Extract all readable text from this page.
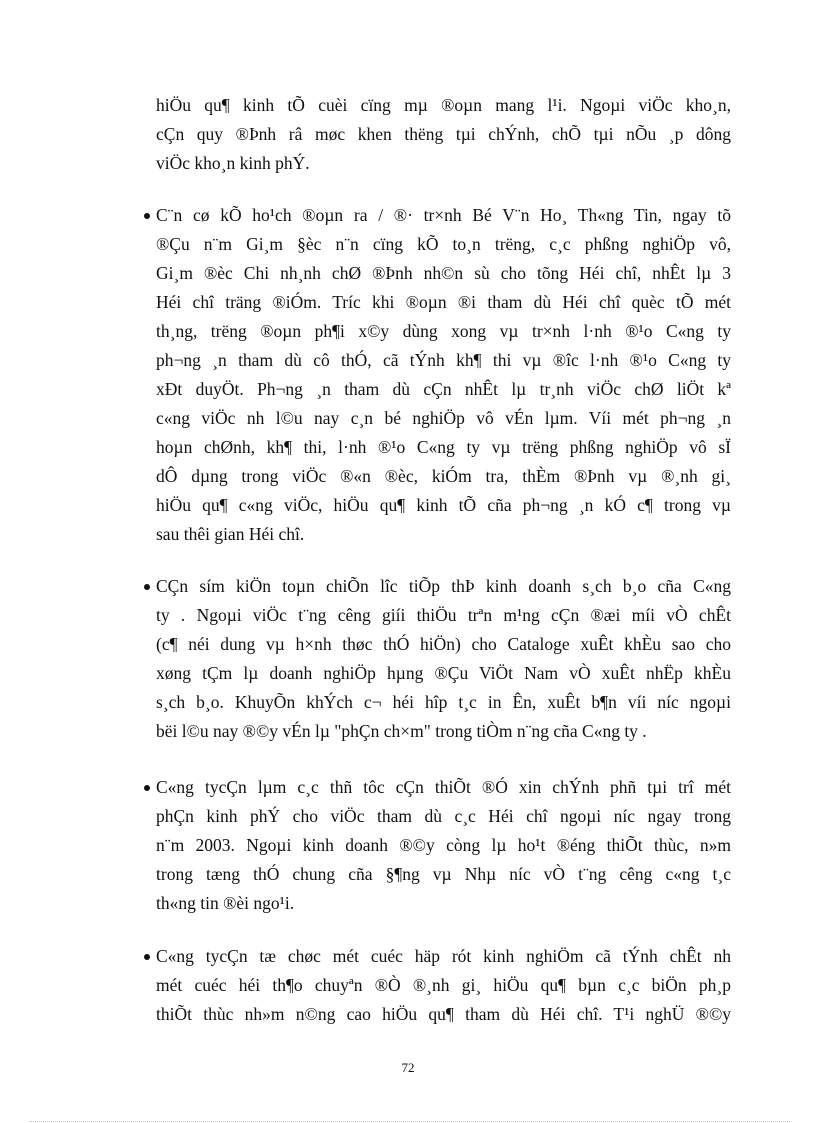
hiÖu qu¶ kinh tÕ cuèi cïng mµ ®oµn mang l¹i. Ngoµi viÖc kho¸n,
cÇn quy ®Þnh râ møc khen thëng tµi chÝnh, chÕ tµi nÕu ¸p dông
viÖc kho¸n kinh phÝ.
C¨n cø kÕ ho¹ch ®oµn ra / ®· tr×nh Bé V¨n Ho¸ Th«ng Tin, ngay tõ
®Çu n¨m Gi¸m §èc n¨n cïng kÕ to¸n trëng, c¸c phßng nghiÖp vô,
Gi¸m ®èc Chi nh¸nh chØ ®Þnh nh©n sù cho tõng Héi chî, nhÊt lµ 3
Héi chî träng ®iÓm. Tríc khi ®oµn ®i tham dù Héi chî quèc tÕ mét
th¸ng, trëng ®oµn ph¶i x©y dùng xong vµ tr×nh l·nh ®¹o C«ng ty
ph¬ng ¸n tham dù cô thÓ, cã tÝnh kh¶ thi vµ ®îc l·nh ®¹o C«ng ty
xÐt duyÖt. Ph¬ng ¸n tham dù cÇn nhÊt lµ tr¸nh viÖc chØ liÖt kª
c«ng viÖc nh l©u nay c¸n bé nghiÖp vô vÉn lµm. Víi mét ph¬ng ¸n
hoµn chØnh, kh¶ thi, l·nh ®¹o C«ng ty vµ trëng phßng nghiÖp vô sÏ
dÔ dµng trong viÖc ®«n ®èc, kiÓm tra, thÈm ®Þnh vµ ®¸nh gi¸
hiÖu qu¶ c«ng viÖc, hiÖu qu¶ kinh tÕ cña ph¬ng ¸n kÓ c¶ trong vµ
sau thêi gian Héi chî.
CÇn sím kiÖn toµn chiÕn lîc tiÕp thÞ kinh doanh s¸ch b¸o cña C«ng
ty . Ngoµi viÖc t¨ng cêng giíi thiÖu trªn m¹ng cÇn ®æi míi vÒ chÊt
(c¶ néi dung vµ h×nh thøc thÓ hiÖn) cho Cataloge xuÊt khÈu sao cho
xøng tÇm lµ doanh nghiÖp hµng ®Çu ViÖt Nam vÒ xuÊt nhËp khÈu
s¸ch b¸o. KhuyÕn khÝch c¬ héi hîp t¸c in Ên, xuÊt b¶n víi níc ngoµi
bëi l©u nay ®©y vÉn lµ "phÇn ch×m" trong tiÒm n¨ng cña C«ng ty .
C«ng tycÇn lµm c¸c thñ tôc cÇn thiÕt ®Ó xin chÝnh phñ tµi trî mét
phÇn kinh phÝ cho viÖc tham dù c¸c Héi chî ngoµi níc ngay trong
n¨m 2003. Ngoµi kinh doanh ®©y còng lµ ho¹t ®éng thiÕt thùc, n»m
trong tæng thÓ chung cña §¶ng vµ Nhµ níc vÒ t¨ng cêng c«ng t¸c
th«ng tin ®èi ngo¹i.
C«ng tycÇn tæ chøc mét cuéc häp rót kinh nghiÖm cã tÝnh chÊt nh
mét cuéc héi th¶o chuyªn ®Ò ®¸nh gi¸ hiÖu qu¶ bµn c¸c biÖn ph¸p
thiÕt thùc nh»m n©ng cao hiÖu qu¶ tham dù Héi chî. T¹i nghÜ ®©y
72
